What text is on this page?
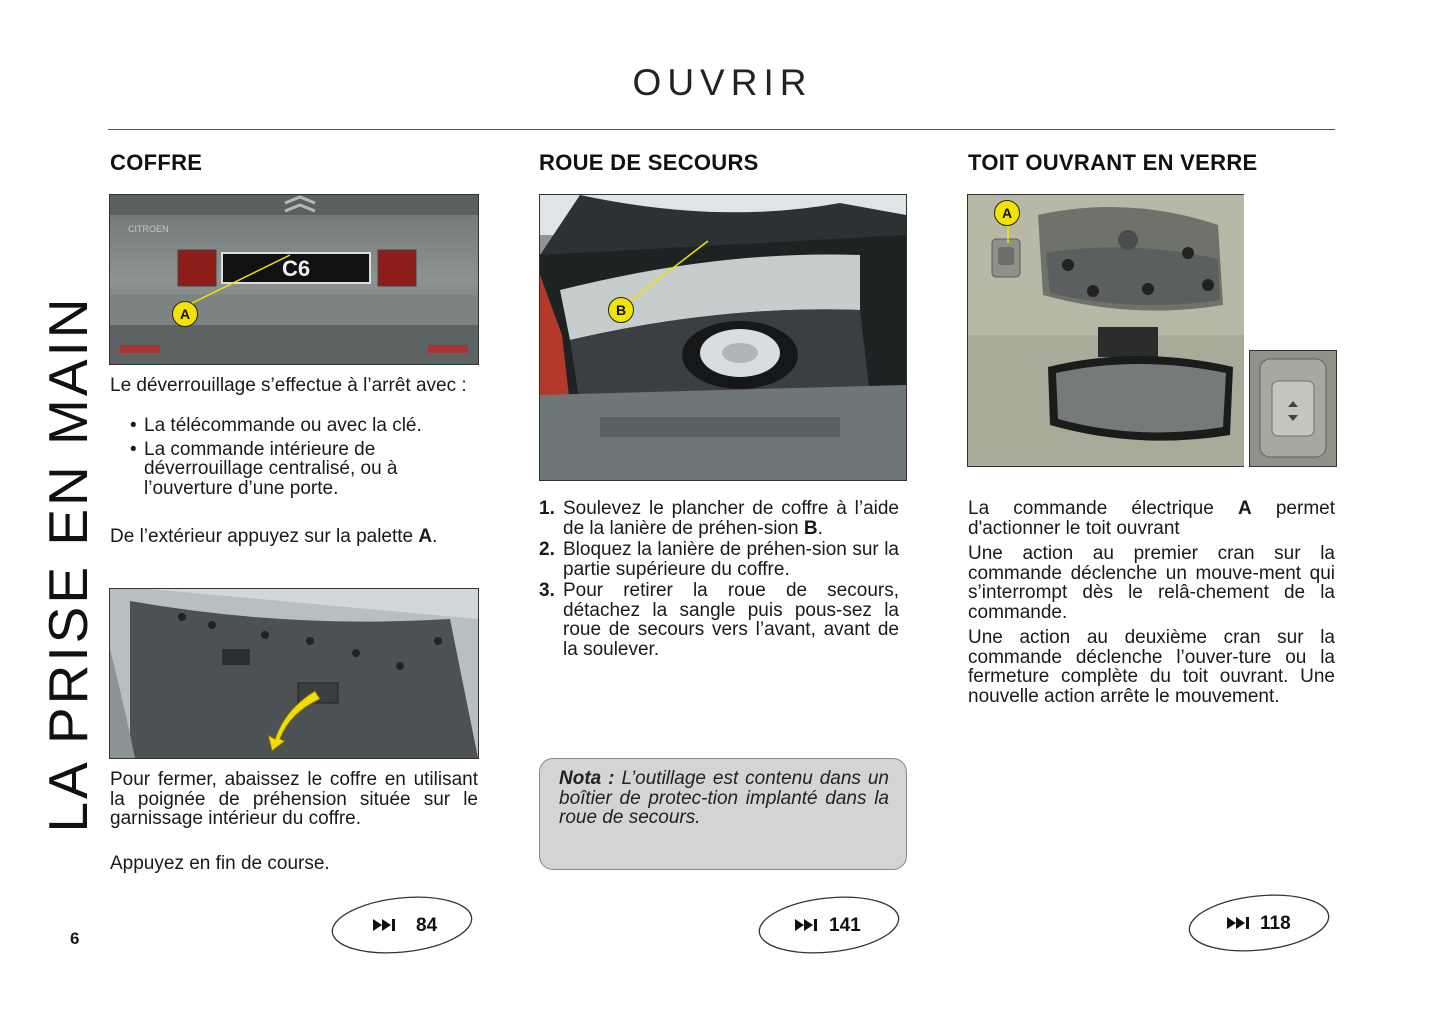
OUVRIR
LA PRISE EN MAIN
COFFRE
CITROEN
C6
A
Le déverrouillage s’effectue à l’arrêt avec :
• La télécommande ou avec la clé.
• La commande intérieure de déverrouillage centralisé, ou à l’ouverture d’une porte.
De l’extérieur appuyez sur la palette A.
Pour fermer, abaissez le coffre en utilisant la poignée de préhension située sur le garnissage intérieur du coffre.
Appuyez en fin de course.
84
ROUE DE SECOURS
B
1. Soulevez le plancher de coffre à l’aide de la lanière de préhen-sion B.
2. Bloquez la lanière de préhen-sion sur la partie supérieure du coffre.
3. Pour retirer la roue de secours, détachez la sangle puis pous-sez la roue de secours vers l’avant, avant de la soulever.
Nota : L’outillage est contenu dans un boîtier de protec-tion implanté dans la roue de secours.
141
TOIT OUVRANT EN VERRE
A
La commande électrique A permet d'actionner le toit ouvrant
Une action au premier cran sur la commande déclenche un mouve-ment qui s’interrompt dès le relâ-chement de la commande.
Une action au deuxième cran sur la commande déclenche l’ouver-ture ou la fermeture complète du toit ouvrant. Une nouvelle action arrête le mouvement.
118
6
